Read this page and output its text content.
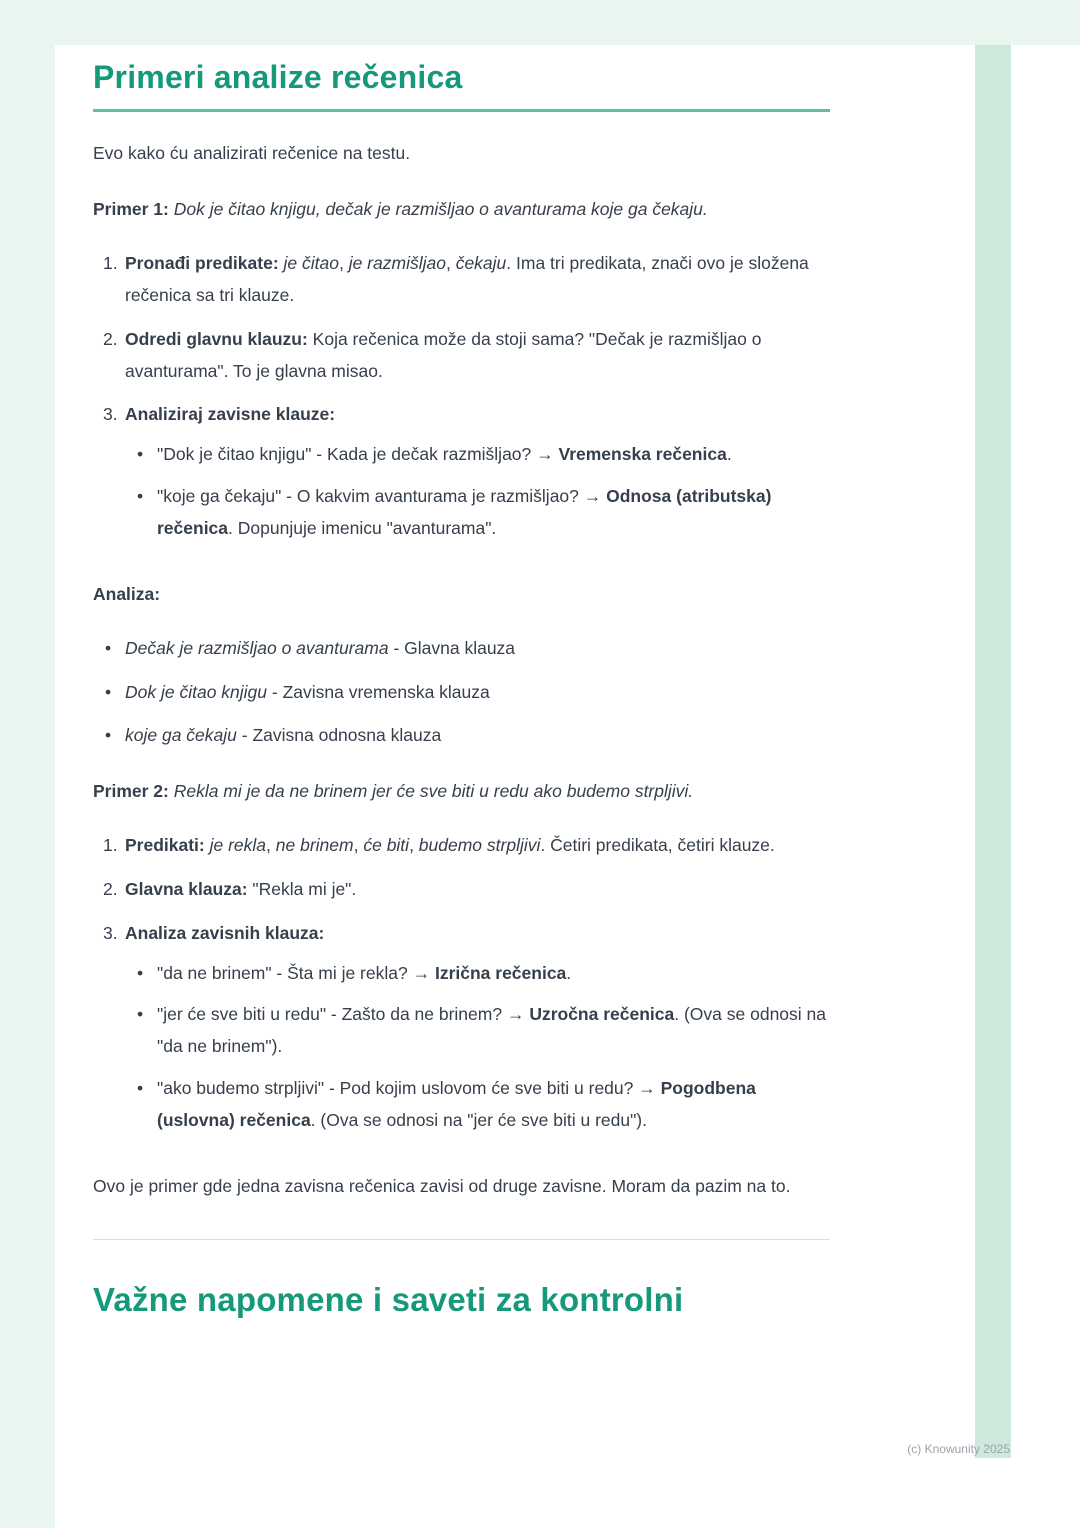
Primeri analize rečenica

Evo kako ću analizirati rečenice na testu.

Primer 1: Dok je čitao knjigu, dečak je razmišljao o avanturama koje ga čekaju.

1. Pronađi predikate: je čitao, je razmišljao, čekaju. Ima tri predikata, znači ovo je složena rečenica sa tri klauze.
2. Odredi glavnu klauzu: Koja rečenica može da stoji sama? "Dečak je razmišljao o avanturama". To je glavna misao.
3. Analiziraj zavisne klauze:
• "Dok je čitao knjigu" - Kada je dečak razmišljao? → Vremenska rečenica.
• "koje ga čekaju" - O kakvim avanturama je razmišljao? → Odnosa (atributska) rečenica. Dopunjuje imenicu "avanturama".

Analiza:

• Dečak je razmišljao o avanturama - Glavna klauza
• Dok je čitao knjigu - Zavisna vremenska klauza
• koje ga čekaju - Zavisna odnosna klauza

Primer 2: Rekla mi je da ne brinem jer će sve biti u redu ako budemo strpljivi.

1. Predikati: je rekla, ne brinem, će biti, budemo strpljivi. Četiri predikata, četiri klauze.
2. Glavna klauza: "Rekla mi je".
3. Analiza zavisnih klauza:
• "da ne brinem" - Šta mi je rekla? → Izrična rečenica.
• "jer će sve biti u redu" - Zašto da ne brinem? → Uzročna rečenica. (Ova se odnosi na "da ne brinem").
• "ako budemo strpljivi" - Pod kojim uslovom će sve biti u redu? → Pogodbena (uslovna) rečenica. (Ova se odnosi na "jer će sve biti u redu").

Ovo je primer gde jedna zavisna rečenica zavisi od druge zavisne. Moram da pazim na to.

Važne napomene i saveti za kontrolni
(c) Knowunity 2025
